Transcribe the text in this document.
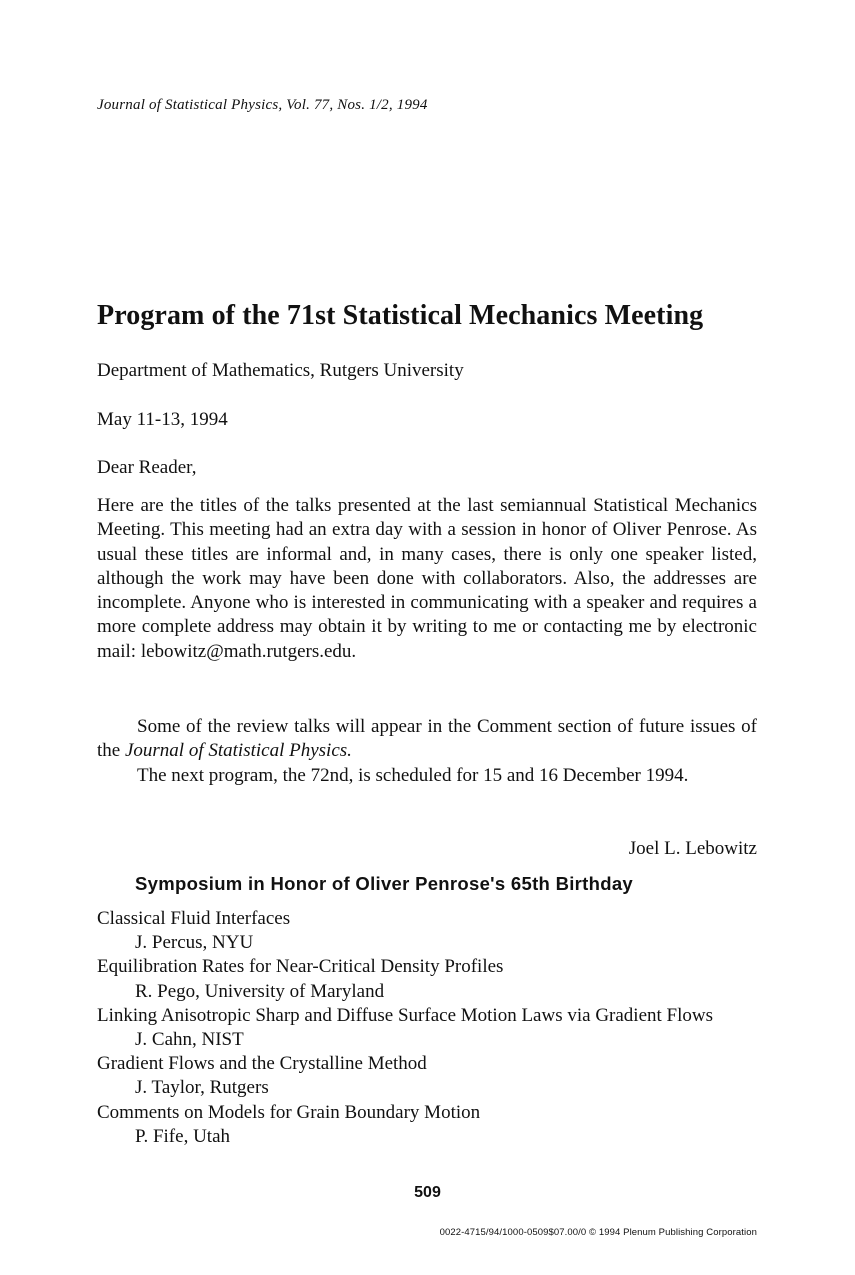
Journal of Statistical Physics, Vol. 77, Nos. 1/2, 1994
Program of the 71st Statistical Mechanics Meeting
Department of Mathematics, Rutgers University
May 11-13, 1994
Dear Reader,

Here are the titles of the talks presented at the last semiannual Statistical Mechanics Meeting. This meeting had an extra day with a session in honor of Oliver Penrose. As usual these titles are informal and, in many cases, there is only one speaker listed, although the work may have been done with collaborators. Also, the addresses are incomplete. Anyone who is interested in communicating with a speaker and requires a more complete address may obtain it by writing to me or contacting me by electronic mail: lebowitz@math.rutgers.edu.

Some of the review talks will appear in the Comment section of future issues of the Journal of Statistical Physics.

The next program, the 72nd, is scheduled for 15 and 16 December 1994.

Joel L. Lebowitz
Symposium in Honor of Oliver Penrose's 65th Birthday
Classical Fluid Interfaces
J. Percus, NYU
Equilibration Rates for Near-Critical Density Profiles
R. Pego, University of Maryland
Linking Anisotropic Sharp and Diffuse Surface Motion Laws via Gradient Flows
J. Cahn, NIST
Gradient Flows and the Crystalline Method
J. Taylor, Rutgers
Comments on Models for Grain Boundary Motion
P. Fife, Utah
509
0022-4715/94/1000-0509$07.00/0 © 1994 Plenum Publishing Corporation
